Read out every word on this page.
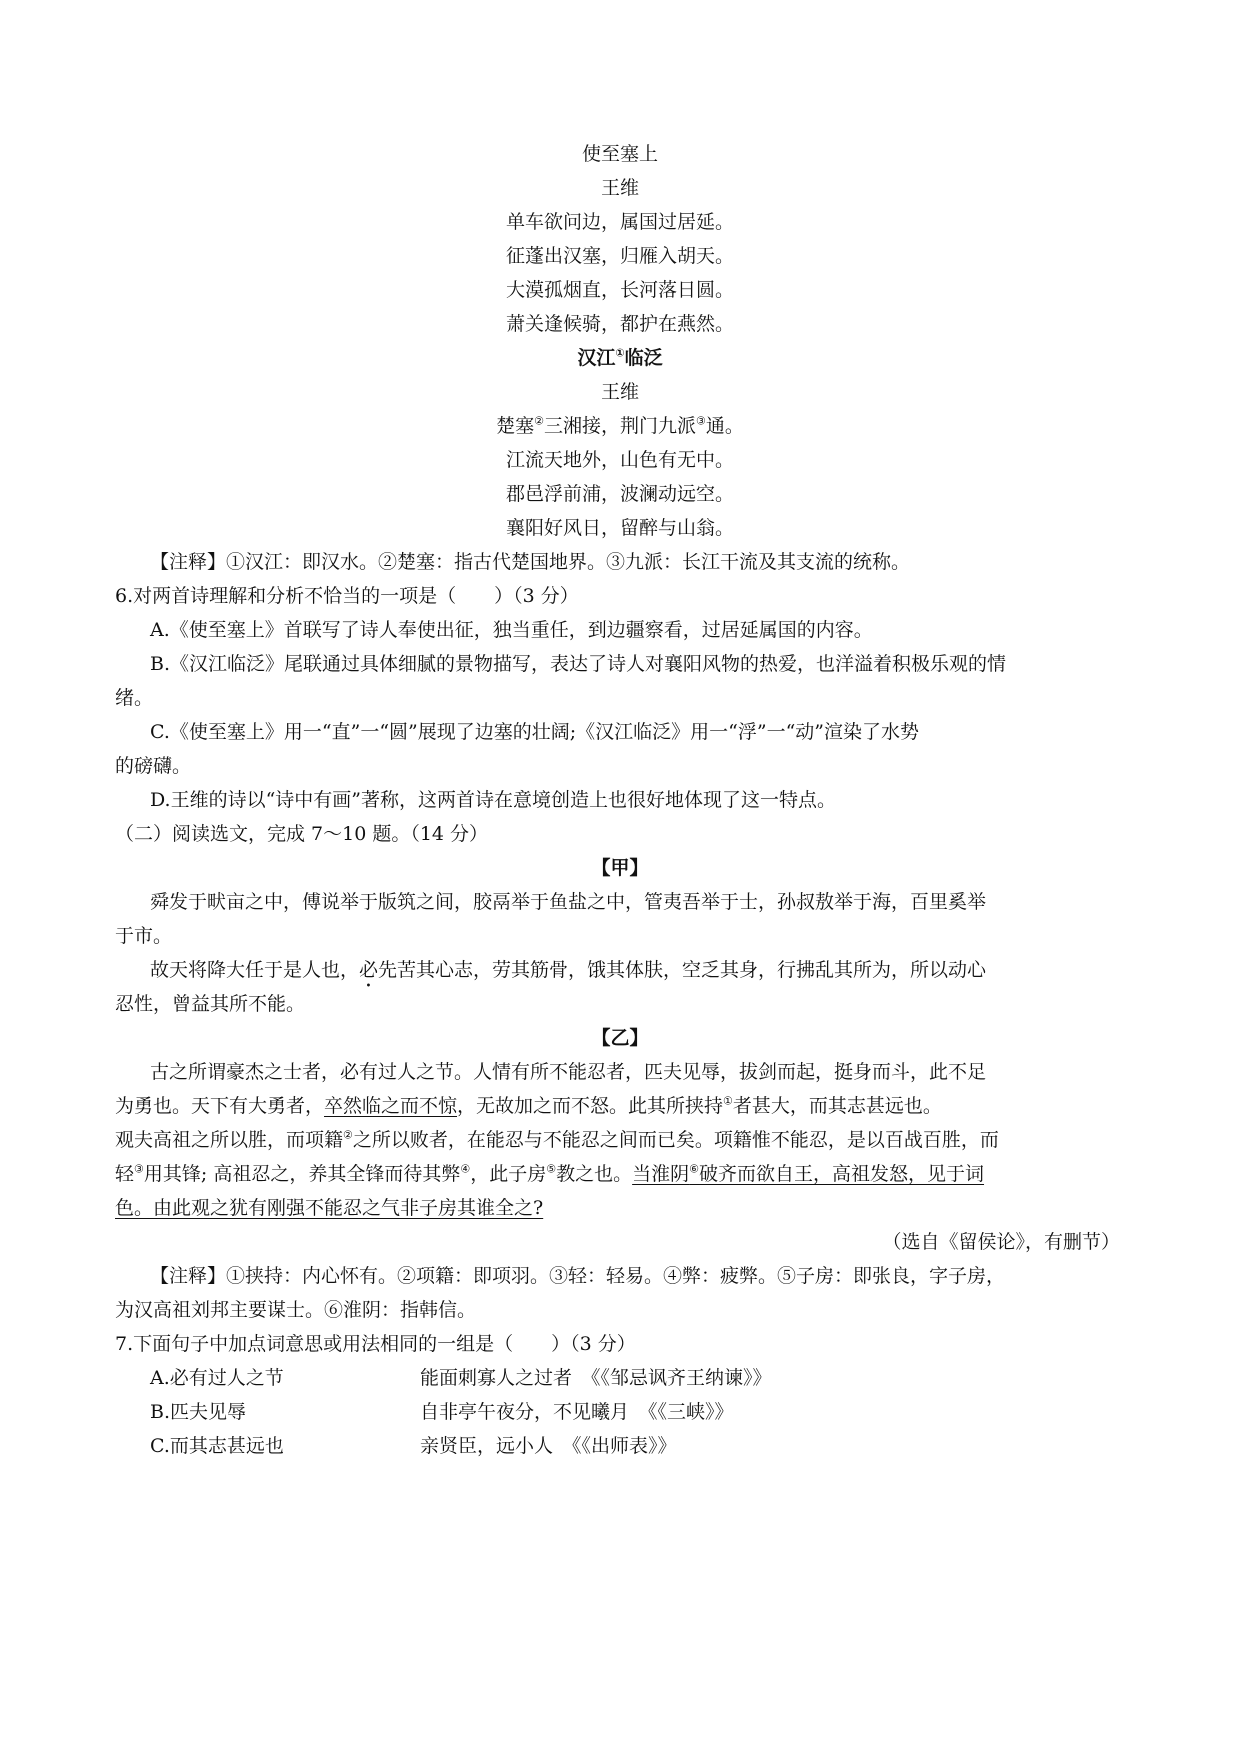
使至塞上
王维
单车欲问边，属国过居延。
征蓬出汉塞，归雁入胡天。
大漠孤烟直，长河落日圆。
萧关逢候骑，都护在燕然。
汉江①临泛
王维
楚塞②三湘接，荆门九派③通。
江流天地外，山色有无中。
郡邑浮前浦，波澜动远空。
襄阳好风日，留醉与山翁。
【注释】①汉江：即汉水。②楚塞：指古代楚国地界。③九派：长江干流及其支流的统称。
6.对两首诗理解和分析不恰当的一项是（　　）（3 分）
A.《使至塞上》首联写了诗人奉使出征，独当重任，到边疆察看，过居延属国的内容。
B.《汉江临泛》尾联通过具体细腻的景物描写，表达了诗人对襄阳风物的热爱，也洋溢着积极乐观的情
绪。
C.《使至塞上》用一“直”一“圆”展现了边塞的壮阔;《汉江临泛》用一“浮”一“动”渲染了水势
的磅礴。
D.王维的诗以“诗中有画”著称，这两首诗在意境创造上也很好地体现了这一特点。
（二）阅读选文，完成 7～10 题。（14 分）
【甲】
舜发于畎亩之中，傅说举于版筑之间，胶鬲举于鱼盐之中，管夷吾举于士，孙叔敖举于海，百里奚举
于市。
故天将降大任于是人也，必先苦其心志，劳其筋骨，饿其体肤，空乏其身，行拂乱其所为，所以动心
忍性，曾益其所不能。
【乙】
古之所谓豪杰之士者，必有过人之节。人情有所不能忍者，匹夫见辱，拔剑而起，挺身而斗，此不足
为勇也。天下有大勇者，卒然临之而不惊，无故加之而不怒。此其所挟持①者甚大，而其志甚远也。
观夫高祖之所以胜，而项籍②之所以败者，在能忍与不能忍之间而已矣。项籍惟不能忍，是以百战百胜，而
轻③用其锋; 高祖忍之，养其全锋而待其弊④，此子房⑤教之也。当淮阴⑥破齐而欲自王，高祖发怒，见于词
色。由此观之犹有刚强不能忍之气非子房其谁全之?
（选自《留侯论》，有删节）
【注释】①挟持：内心怀有。②项籍：即项羽。③轻：轻易。④弊：疲弊。⑤子房：即张良，字子房，
为汉高祖刘邦主要谋士。⑥淮阴：指韩信。
7.下面句子中加点词意思或用法相同的一组是（　　）（3 分）
A.必有过人之节	能面刺寡人之过者　《《邹忌讽齐王纳谏》》
B.匹夫见辱	自非亭午夜分，不见曦月　《《三峡》》
C.而其志甚远也	亲贤臣，远小人　《《出师表》》
